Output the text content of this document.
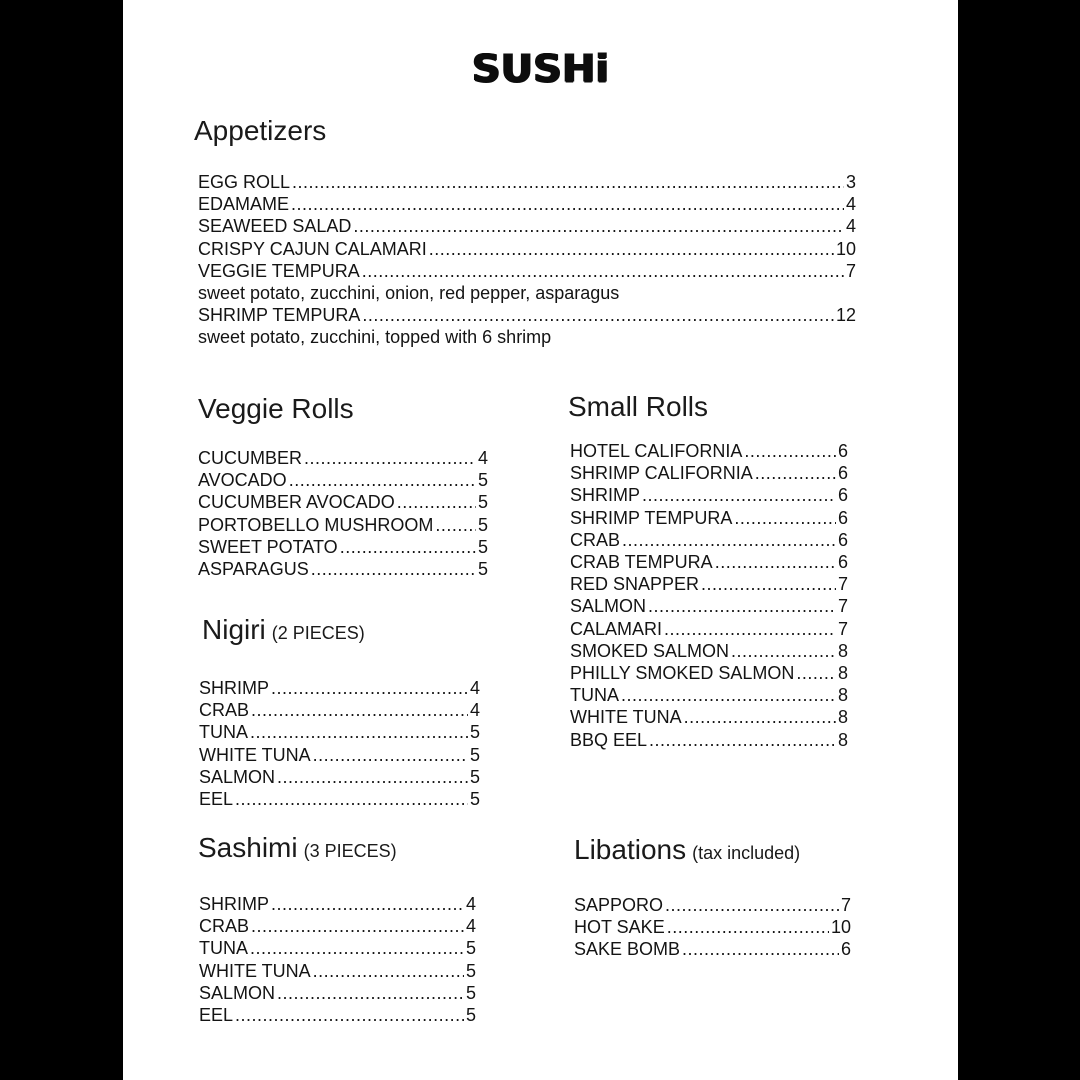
SUSHi
Appetizers
EGG ROLL .....	3
EDAMAME .....	4
SEAWEED SALAD .....	4
CRISPY CAJUN CALAMARI .....	10
VEGGIE TEMPURA .....	7
sweet potato, zucchini, onion, red pepper, asparagus
SHRIMP TEMPURA .....	12
sweet potato, zucchini, topped with 6 shrimp
Veggie Rolls
CUCUMBER .....	4
AVOCADO .....	5
CUCUMBER AVOCADO .....	5
PORTOBELLO MUSHROOM ..... 5
SWEET POTATO .....	5
ASPARAGUS .....	5
Nigiri (2 PIECES)
SHRIMP .....	4
CRAB .....	4
TUNA .....	5
WHITE TUNA .....	5
SALMON .....	5
EEL .....	5
Sashimi (3 PIECES)
SHRIMP .....	4
CRAB .....	4
TUNA .....	5
WHITE TUNA .....	5
SALMON .....	5
EEL .....	5
Small Rolls
HOTEL CALIFORNIA .....	6
SHRIMP CALIFORNIA .....	6
SHRIMP .....	6
SHRIMP TEMPURA .....	6
CRAB .....	6
CRAB TEMPURA .....	6
RED SNAPPER .....	7
SALMON .....	7
CALAMARI .....	7
SMOKED SALMON .....	8
PHILLY SMOKED SALMON ..... 8
TUNA .....	8
WHITE TUNA .....	8
BBQ EEL .....	8
Libations (tax included)
SAPPORO .....	7
HOT SAKE .....	10
SAKE BOMB .....	6
